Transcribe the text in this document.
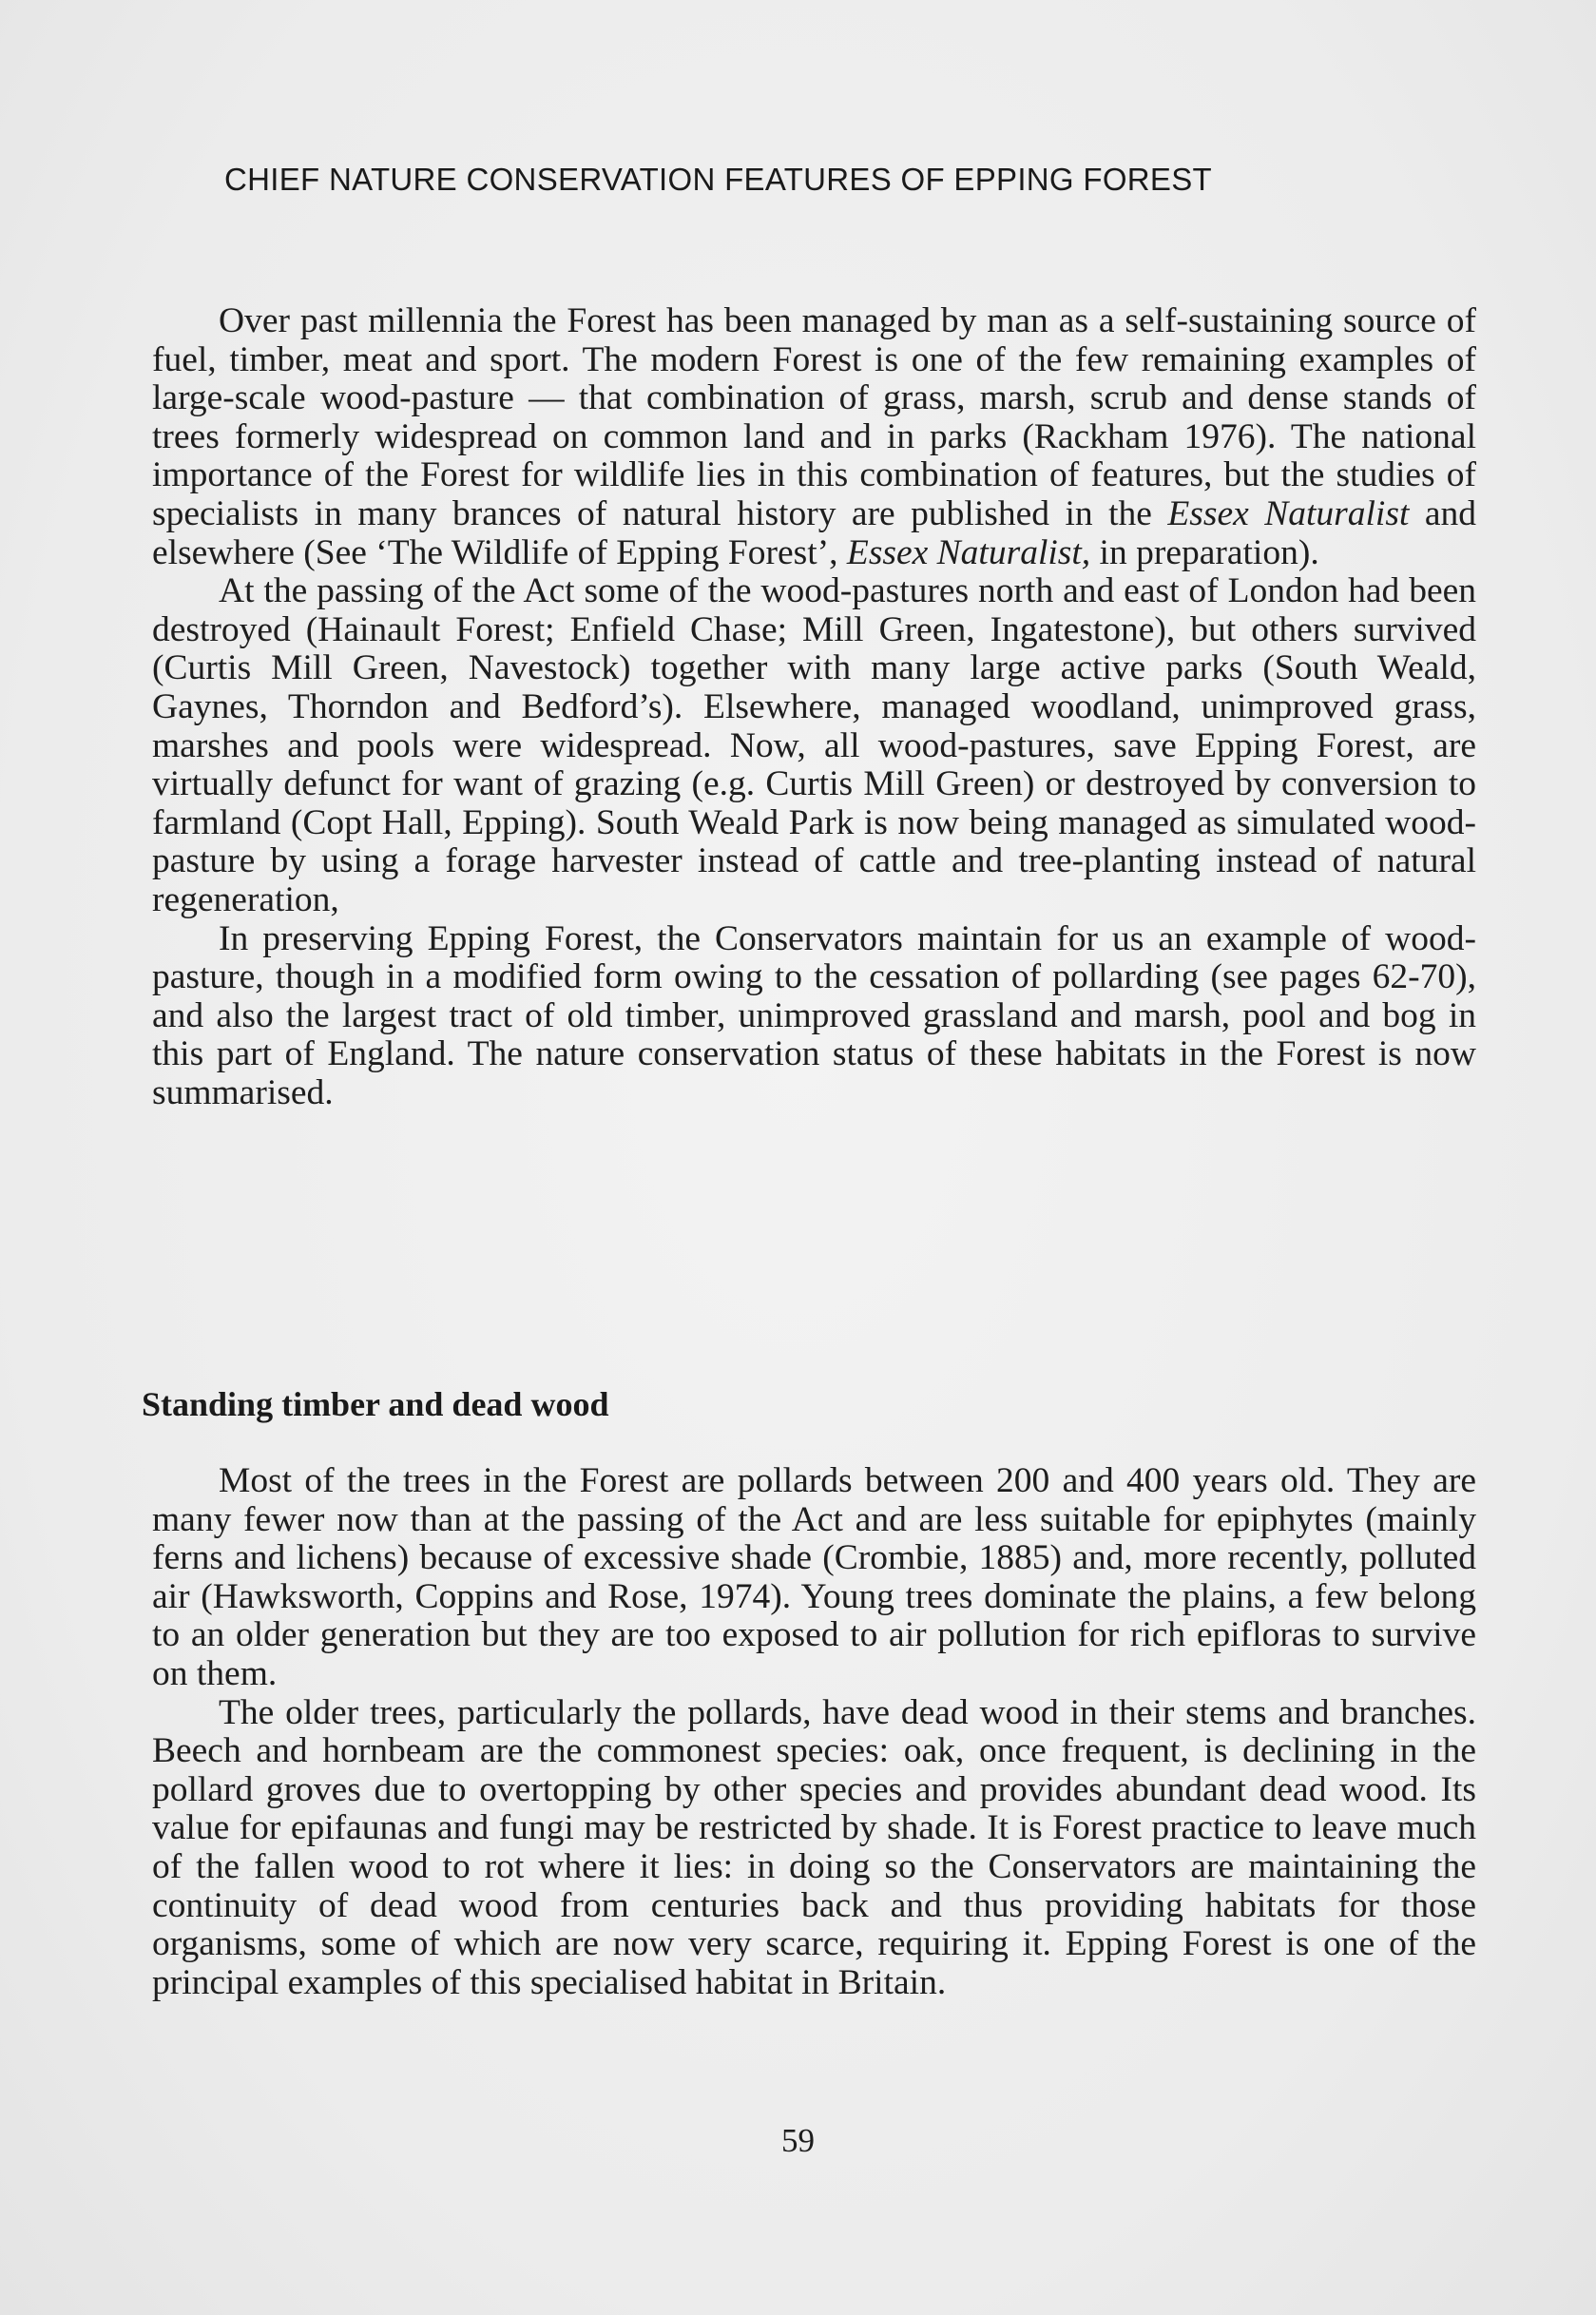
CHIEF NATURE CONSERVATION FEATURES OF EPPING FOREST

Over past millennia the Forest has been managed by man as a self-sustaining source of fuel, timber, meat and sport. The modern Forest is one of the few remaining examples of large-scale wood-pasture — that combination of grass, marsh, scrub and dense stands of trees formerly widespread on common land and in parks (Rackham 1976). The national importance of the Forest for wildlife lies in this combination of features, but the studies of specialists in many brances of natural history are published in the Essex Naturalist and elsewhere (See ‘The Wildlife of Epping Forest’, Essex Naturalist, in preparation).

At the passing of the Act some of the wood-pastures north and east of London had been destroyed (Hainault Forest; Enfield Chase; Mill Green, Ingatestone), but others survived (Curtis Mill Green, Navestock) together with many large active parks (South Weald, Gaynes, Thorndon and Bedford’s). Elsewhere, managed woodland, unimproved grass, marshes and pools were widespread. Now, all wood-pastures, save Epping Forest, are virtually defunct for want of grazing (e.g. Curtis Mill Green) or destroyed by conversion to farmland (Copt Hall, Epping). South Weald Park is now being managed as simulated wood-pasture by using a forage harvester instead of cattle and tree-planting instead of natural regeneration,

In preserving Epping Forest, the Conservators maintain for us an example of wood-pasture, though in a modified form owing to the cessation of pollarding (see pages 62-70), and also the largest tract of old timber, unimproved grassland and marsh, pool and bog in this part of England. The nature conservation status of these habitats in the Forest is now summarised.

Standing timber and dead wood

Most of the trees in the Forest are pollards between 200 and 400 years old. They are many fewer now than at the passing of the Act and are less suitable for epiphytes (mainly ferns and lichens) because of excessive shade (Crombie, 1885) and, more recently, polluted air (Hawksworth, Coppins and Rose, 1974). Young trees dominate the plains, a few belong to an older generation but they are too exposed to air pollution for rich epifloras to survive on them.

The older trees, particularly the pollards, have dead wood in their stems and branches. Beech and hornbeam are the commonest species: oak, once frequent, is declining in the pollard groves due to overtopping by other species and provides abundant dead wood. Its value for epifaunas and fungi may be restricted by shade. It is Forest practice to leave much of the fallen wood to rot where it lies: in doing so the Conservators are maintaining the continuity of dead wood from centuries back and thus providing habitats for those organisms, some of which are now very scarce, requiring it. Epping Forest is one of the principal examples of this specialised habitat in Britain.

59
